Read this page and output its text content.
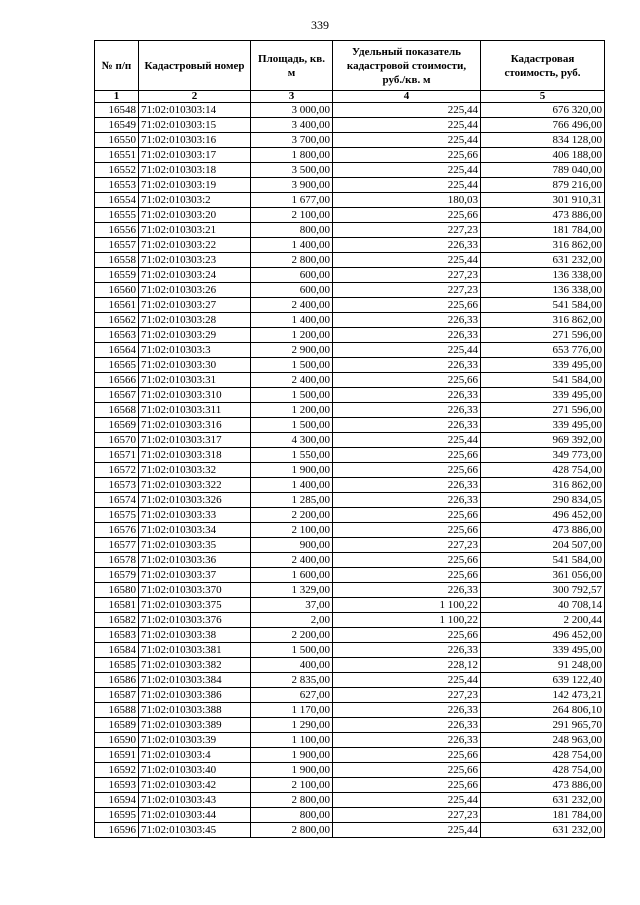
339
№ п/п	Кадастровый номер	Площадь, кв. м	Удельный показатель кадастровой стоимости, руб./кв. м	Кадастровая стоимость, руб.
1	2	3	4	5
16548	71:02:010303:14	3 000,00	225,44	676 320,00
16549	71:02:010303:15	3 400,00	225,44	766 496,00
16550	71:02:010303:16	3 700,00	225,44	834 128,00
16551	71:02:010303:17	1 800,00	225,66	406 188,00
16552	71:02:010303:18	3 500,00	225,44	789 040,00
16553	71:02:010303:19	3 900,00	225,44	879 216,00
16554	71:02:010303:2	1 677,00	180,03	301 910,31
16555	71:02:010303:20	2 100,00	225,66	473 886,00
16556	71:02:010303:21	800,00	227,23	181 784,00
16557	71:02:010303:22	1 400,00	226,33	316 862,00
16558	71:02:010303:23	2 800,00	225,44	631 232,00
16559	71:02:010303:24	600,00	227,23	136 338,00
16560	71:02:010303:26	600,00	227,23	136 338,00
16561	71:02:010303:27	2 400,00	225,66	541 584,00
16562	71:02:010303:28	1 400,00	226,33	316 862,00
16563	71:02:010303:29	1 200,00	226,33	271 596,00
16564	71:02:010303:3	2 900,00	225,44	653 776,00
16565	71:02:010303:30	1 500,00	226,33	339 495,00
16566	71:02:010303:31	2 400,00	225,66	541 584,00
16567	71:02:010303:310	1 500,00	226,33	339 495,00
16568	71:02:010303:311	1 200,00	226,33	271 596,00
16569	71:02:010303:316	1 500,00	226,33	339 495,00
16570	71:02:010303:317	4 300,00	225,44	969 392,00
16571	71:02:010303:318	1 550,00	225,66	349 773,00
16572	71:02:010303:32	1 900,00	225,66	428 754,00
16573	71:02:010303:322	1 400,00	226,33	316 862,00
16574	71:02:010303:326	1 285,00	226,33	290 834,05
16575	71:02:010303:33	2 200,00	225,66	496 452,00
16576	71:02:010303:34	2 100,00	225,66	473 886,00
16577	71:02:010303:35	900,00	227,23	204 507,00
16578	71:02:010303:36	2 400,00	225,66	541 584,00
16579	71:02:010303:37	1 600,00	225,66	361 056,00
16580	71:02:010303:370	1 329,00	226,33	300 792,57
16581	71:02:010303:375	37,00	1 100,22	40 708,14
16582	71:02:010303:376	2,00	1 100,22	2 200,44
16583	71:02:010303:38	2 200,00	225,66	496 452,00
16584	71:02:010303:381	1 500,00	226,33	339 495,00
16585	71:02:010303:382	400,00	228,12	91 248,00
16586	71:02:010303:384	2 835,00	225,44	639 122,40
16587	71:02:010303:386	627,00	227,23	142 473,21
16588	71:02:010303:388	1 170,00	226,33	264 806,10
16589	71:02:010303:389	1 290,00	226,33	291 965,70
16590	71:02:010303:39	1 100,00	226,33	248 963,00
16591	71:02:010303:4	1 900,00	225,66	428 754,00
16592	71:02:010303:40	1 900,00	225,66	428 754,00
16593	71:02:010303:42	2 100,00	225,66	473 886,00
16594	71:02:010303:43	2 800,00	225,44	631 232,00
16595	71:02:010303:44	800,00	227,23	181 784,00
16596	71:02:010303:45	2 800,00	225,44	631 232,00
